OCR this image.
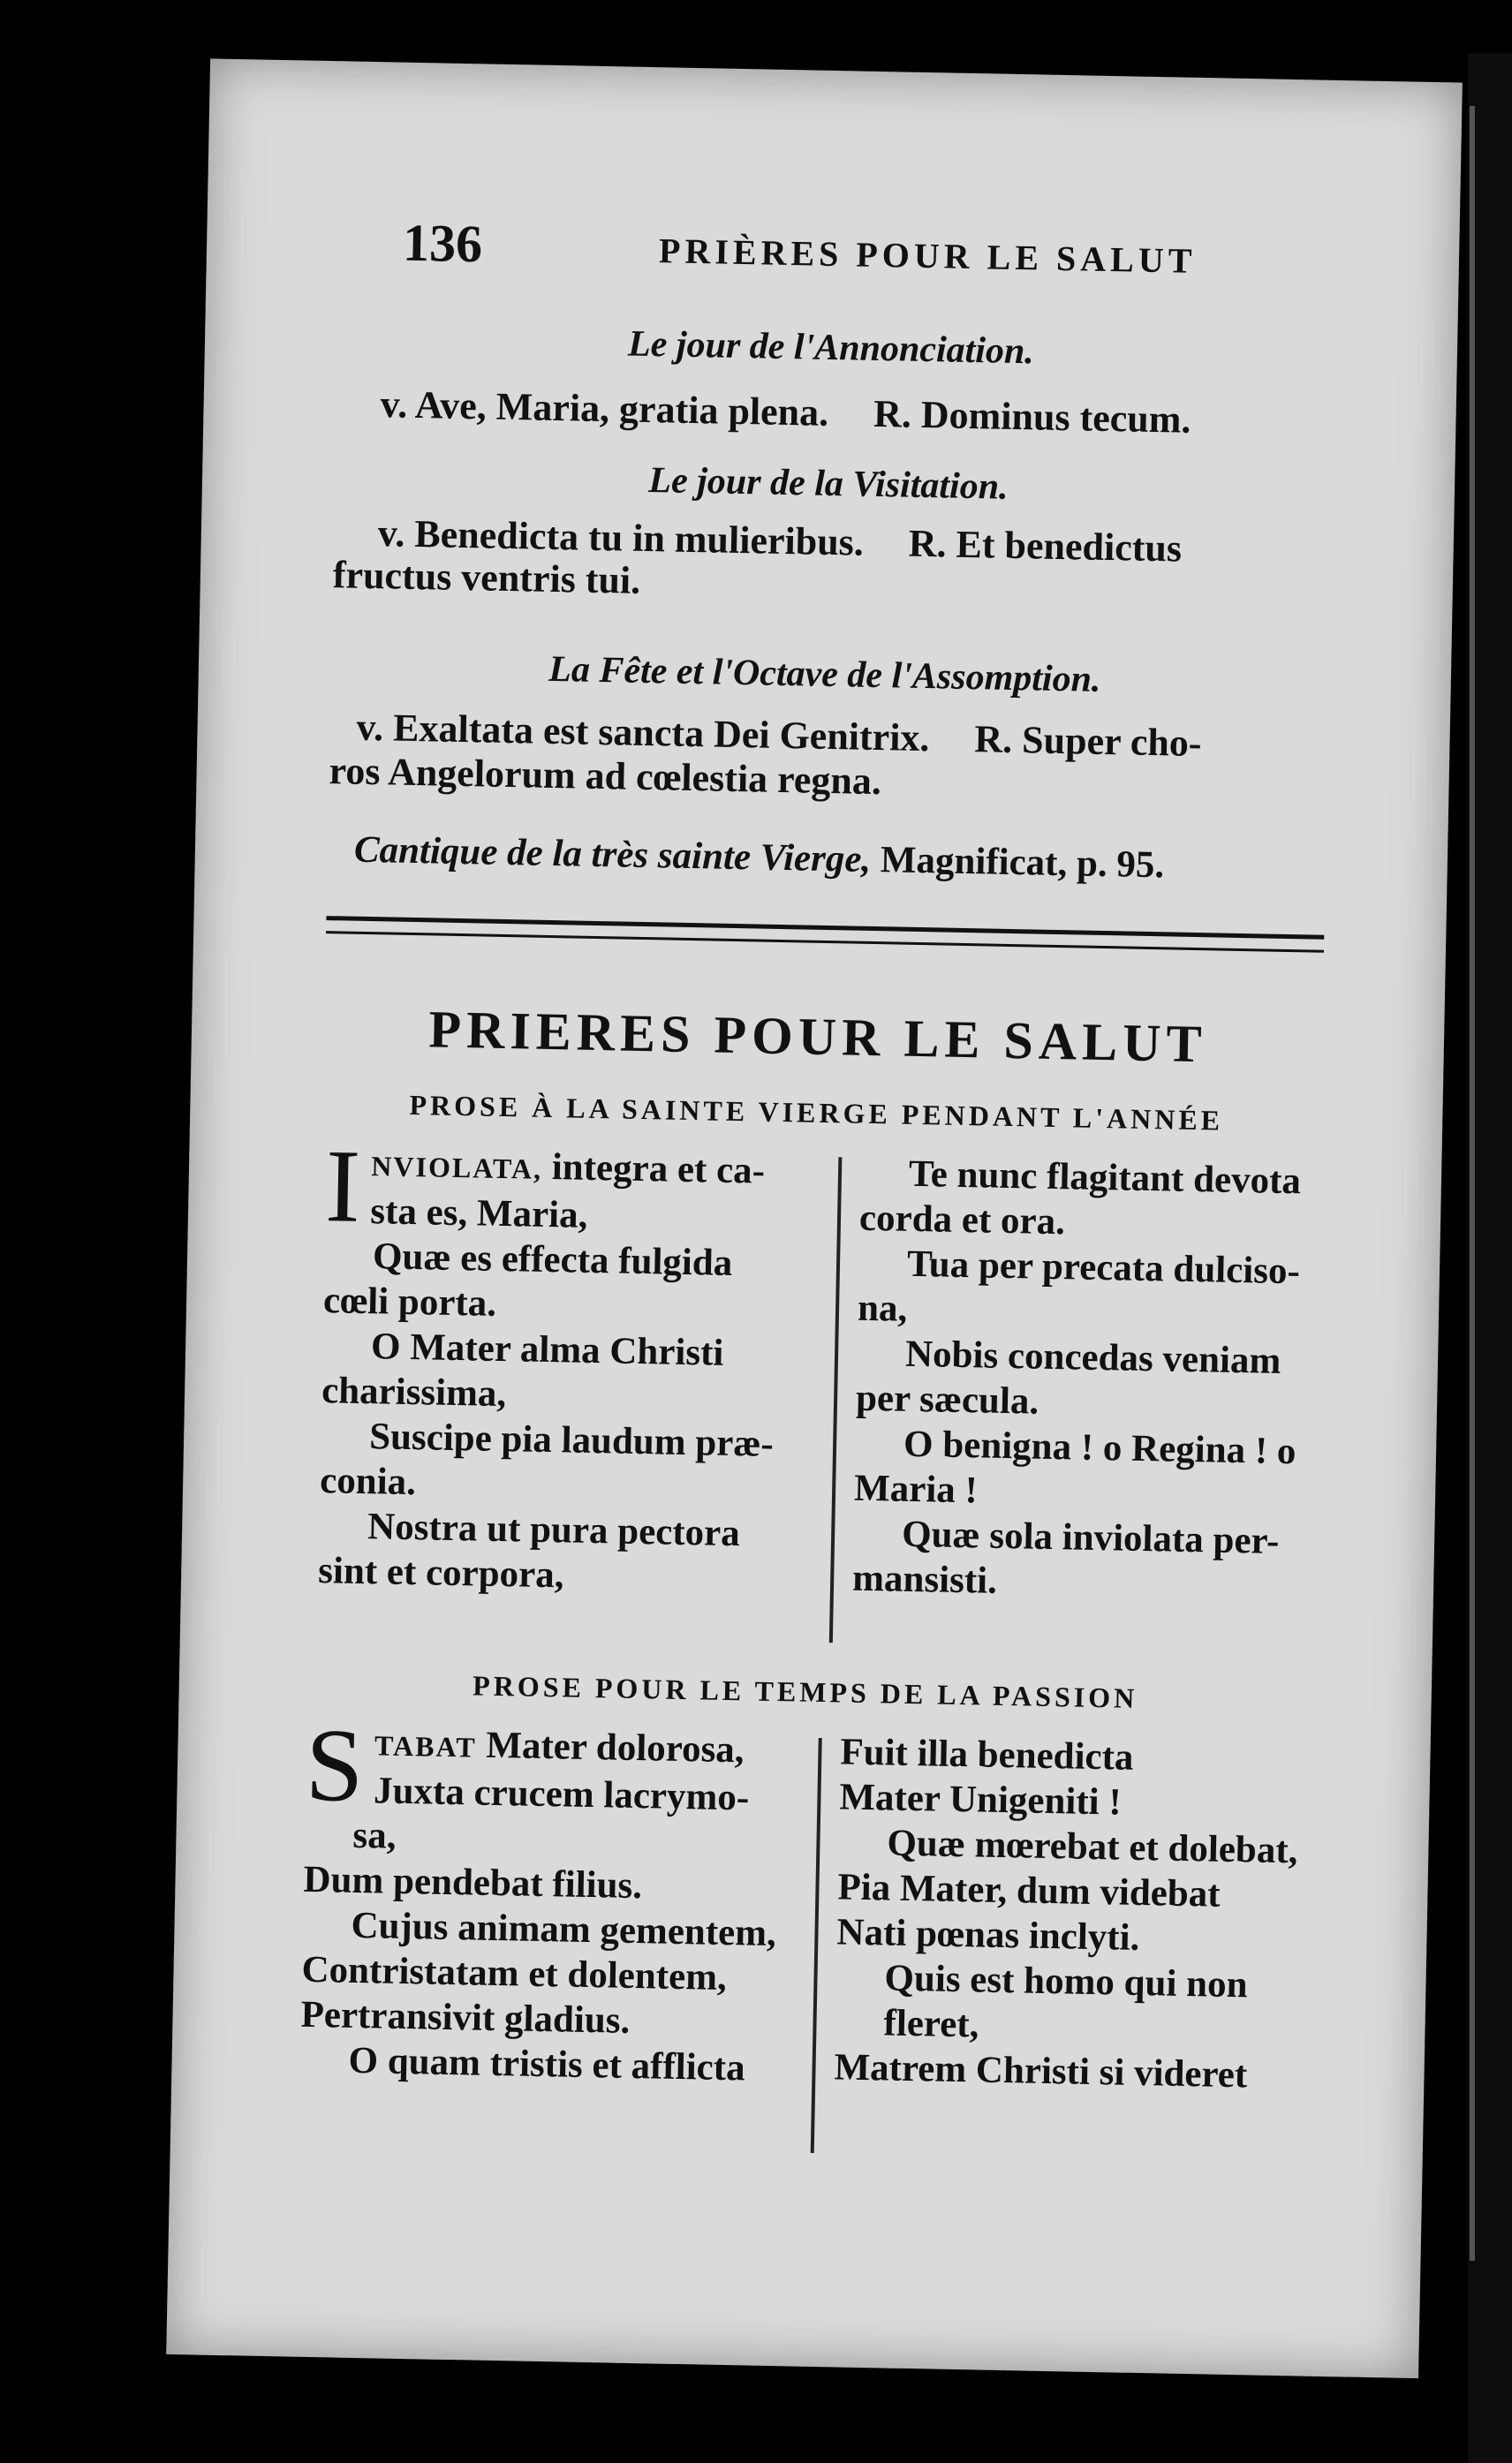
136	PRIÈRES POUR LE SALUT
Le jour de l'Annonciation.
v. Ave, Maria, gratia plena. R. Dominus tecum.
Le jour de la Visitation.
v. Benedicta tu in mulieribus. R. Et benedictus
fructus ventris tui.
La Fête et l'Octave de l'Assomption.
v. Exaltata est sancta Dei Genitrix. R. Super cho-
ros Angelorum ad cœlestia regna.
Cantique de la très sainte Vierge, Magnificat, p. 95.
PRIERES POUR LE SALUT
PROSE À LA SAINTE VIERGE PENDANT L'ANNÉE

INVIOLATA, integra et ca-

sta es, Maria,

Quæ es effecta fulgida

cœli porta.

O Mater alma Christi

charissima,

Suscipe pia laudum præ-

conia.

Nostra ut pura pectora

sint et corpora,

Te nunc flagitant devota

corda et ora.

Tua per precata dulciso-

na,

Nobis concedas veniam

per sæcula.

O benigna ! o Regina ! o

Maria !

Quæ sola inviolata per-

mansisti.

PROSE POUR LE TEMPS DE LA PASSION

STABAT Mater dolorosa,

Juxta crucem lacrymo-

sa,

Dum pendebat filius.

Cujus animam gementem,

Contristatam et dolentem,

Pertransivit gladius.

O quam tristis et afflicta

Fuit illa benedicta

Mater Unigeniti !

Quæ mœrebat et dolebat,

Pia Mater, dum videbat

Nati pœnas inclyti.

Quis est homo qui non

fleret,

Matrem Christi si videret
